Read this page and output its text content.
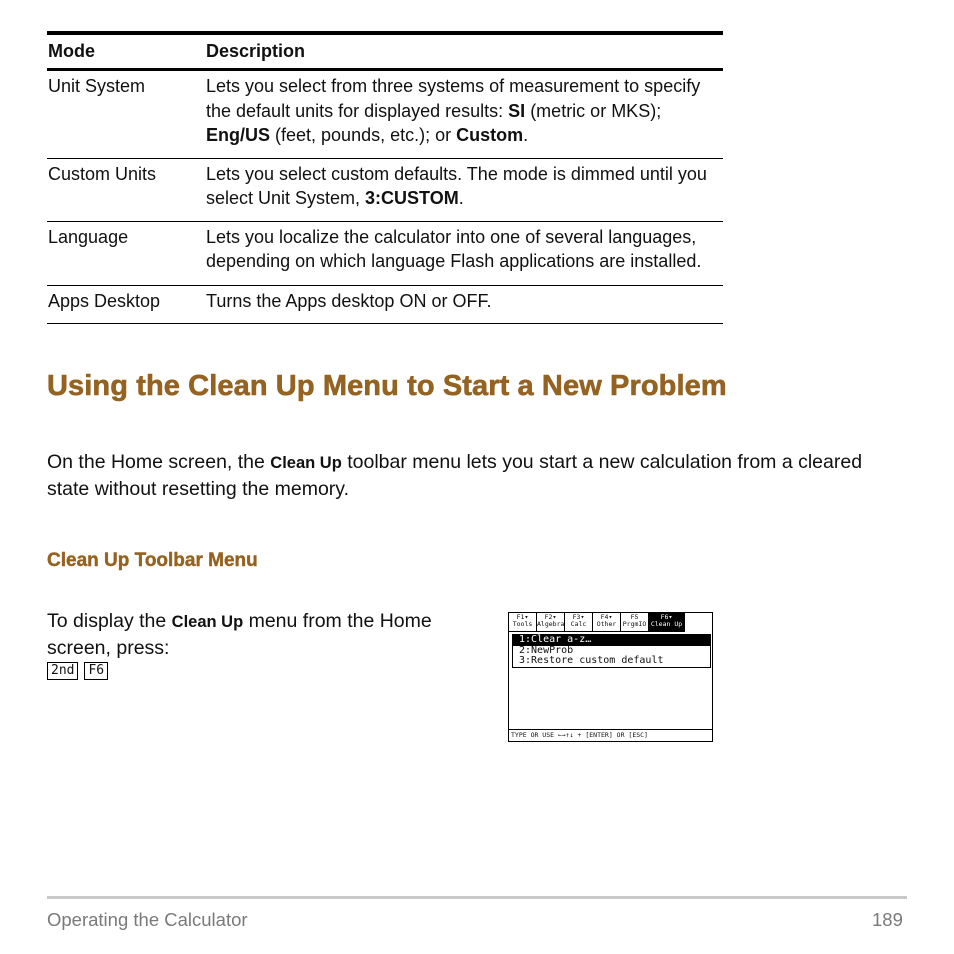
Mode	Description
Unit System	Lets you select from three systems of measurement to specify the default units for displayed results: SI (metric or MKS); Eng/US (feet, pounds, etc.); or Custom.
Custom Units	Lets you select custom defaults. The mode is dimmed until you select Unit System, 3:CUSTOM.
Language	Lets you localize the calculator into one of several languages, depending on which language Flash applications are installed.
Apps Desktop	Turns the Apps desktop ON or OFF.
Using the Clean Up Menu to Start a New Problem

On the Home screen, the Clean Up toolbar menu lets you start a new calculation from a cleared state without resetting the memory.

Clean Up Toolbar Menu

To display the Clean Up menu from the Home screen, press:

2nd	F6
F1▾
Tools
F2▾
Algebra
F3▾
Calc
F4▾
Other
F5
PrgmIO
F6▾
Clean Up
1:Clear a-z…
2:NewProb
3:Restore custom default
TYPE OR USE ←→↑↓ + [ENTER] OR [ESC]
Operating the Calculator	189
